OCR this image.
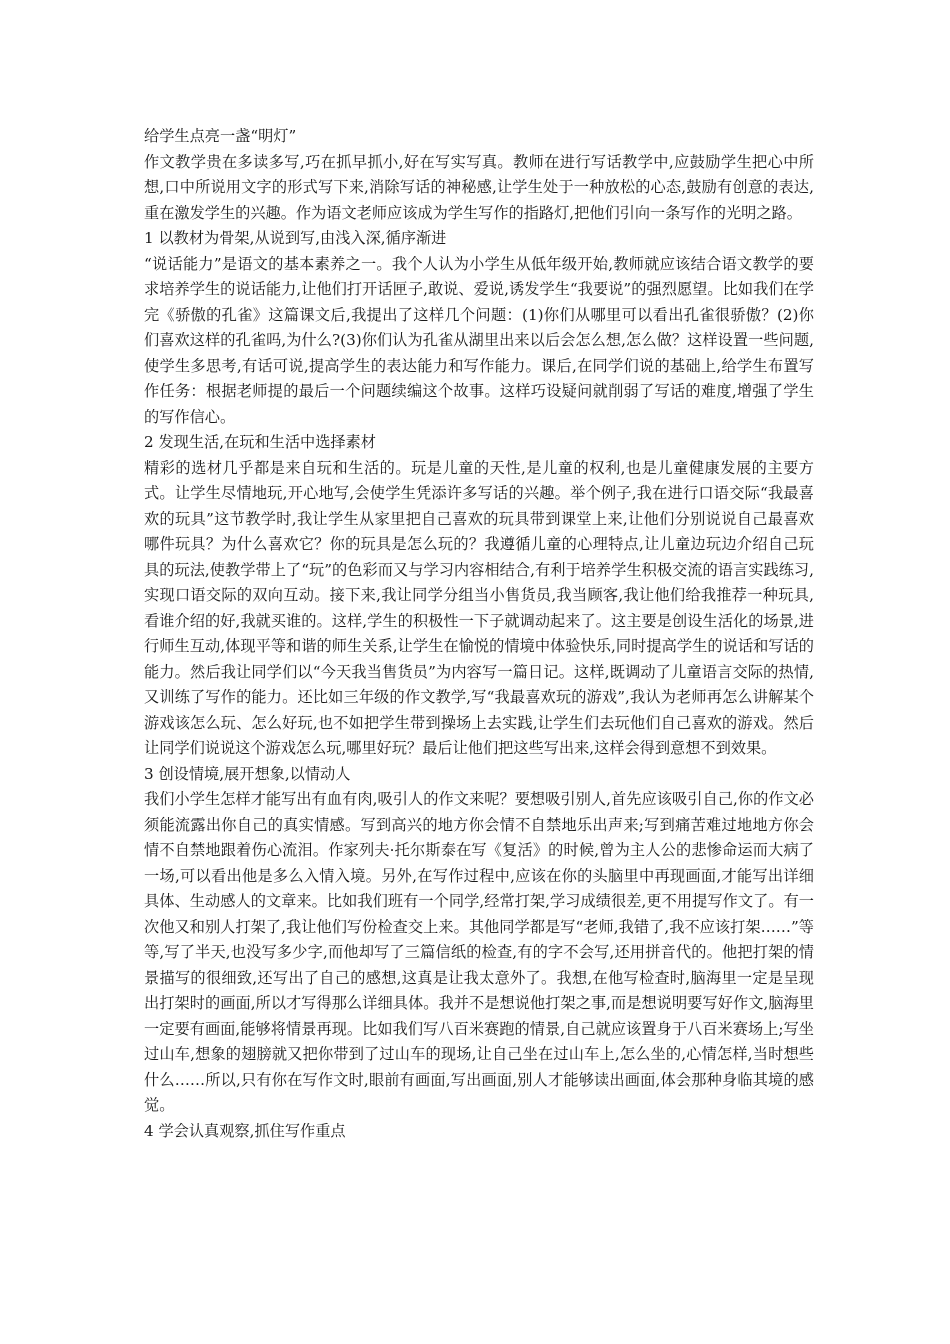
给学生点亮一盏“明灯”

作文教学贵在多读多写,巧在抓早抓小,好在写实写真。教师在进行写话教学中,应鼓励学生把心中所想,口中所说用文字的形式写下来,消除写话的神秘感,让学生处于一种放松的心态,鼓励有创意的表达,重在激发学生的兴趣。作为语文老师应该成为学生写作的指路灯,把他们引向一条写作的光明之路。

1 以教材为骨架,从说到写,由浅入深,循序渐进

“说话能力”是语文的基本素养之一。我个人认为小学生从低年级开始,教师就应该结合语文教学的要求培养学生的说话能力,让他们打开话匣子,敢说、爱说,诱发学生“我要说”的强烈愿望。比如我们在学完《骄傲的孔雀》这篇课文后,我提出了这样几个问题：(1)你们从哪里可以看出孔雀很骄傲？(2)你们喜欢这样的孔雀吗,为什么?(3)你们认为孔雀从湖里出来以后会怎么想,怎么做？这样设置一些问题,使学生多思考,有话可说,提高学生的表达能力和写作能力。课后,在同学们说的基础上,给学生布置写作任务：根据老师提的最后一个问题续编这个故事。这样巧设疑问就削弱了写话的难度,增强了学生的写作信心。

2 发现生活,在玩和生活中选择素材

精彩的选材几乎都是来自玩和生活的。玩是儿童的天性,是儿童的权利,也是儿童健康发展的主要方式。让学生尽情地玩,开心地写,会使学生凭添许多写话的兴趣。举个例子,我在进行口语交际“我最喜欢的玩具”这节教学时,我让学生从家里把自己喜欢的玩具带到课堂上来,让他们分别说说自己最喜欢哪件玩具？为什么喜欢它？你的玩具是怎么玩的？我遵循儿童的心理特点,让儿童边玩边介绍自己玩具的玩法,使教学带上了“玩”的色彩而又与学习内容相结合,有利于培养学生积极交流的语言实践练习,实现口语交际的双向互动。接下来,我让同学分组当小售货员,我当顾客,我让他们给我推荐一种玩具,看谁介绍的好,我就买谁的。这样,学生的积极性一下子就调动起来了。这主要是创设生活化的场景,进行师生互动,体现平等和谐的师生关系,让学生在愉悦的情境中体验快乐,同时提高学生的说话和写话的能力。然后我让同学们以“今天我当售货员”为内容写一篇日记。这样,既调动了儿童语言交际的热情,又训练了写作的能力。还比如三年级的作文教学,写“我最喜欢玩的游戏”,我认为老师再怎么讲解某个游戏该怎么玩、怎么好玩,也不如把学生带到操场上去实践,让学生们去玩他们自己喜欢的游戏。然后让同学们说说这个游戏怎么玩,哪里好玩？最后让他们把这些写出来,这样会得到意想不到效果。

3 创设情境,展开想象,以情动人

我们小学生怎样才能写出有血有肉,吸引人的作文来呢？要想吸引别人,首先应该吸引自己,你的作文必须能流露出你自己的真实情感。写到高兴的地方你会情不自禁地乐出声来;写到痛苦难过地地方你会情不自禁地跟着伤心流泪。作家列夫·托尔斯泰在写《复活》的时候,曾为主人公的悲惨命运而大病了一场,可以看出他是多么入情入境。另外,在写作过程中,应该在你的头脑里中再现画面,才能写出详细具体、生动感人的文章来。比如我们班有一个同学,经常打架,学习成绩很差,更不用提写作文了。有一次他又和别人打架了,我让他们写份检查交上来。其他同学都是写“老师,我错了,我不应该打架……”等等,写了半天,也没写多少字,而他却写了三篇信纸的检查,有的字不会写,还用拼音代的。他把打架的情景描写的很细致,还写出了自己的感想,这真是让我太意外了。我想,在他写检查时,脑海里一定是呈现出打架时的画面,所以才写得那么详细具体。我并不是想说他打架之事,而是想说明要写好作文,脑海里一定要有画面,能够将情景再现。比如我们写八百米赛跑的情景,自己就应该置身于八百米赛场上;写坐过山车,想象的翅膀就又把你带到了过山车的现场,让自己坐在过山车上,怎么坐的,心情怎样,当时想些什么……所以,只有你在写作文时,眼前有画面,写出画面,别人才能够读出画面,体会那种身临其境的感觉。

4 学会认真观察,抓住写作重点
